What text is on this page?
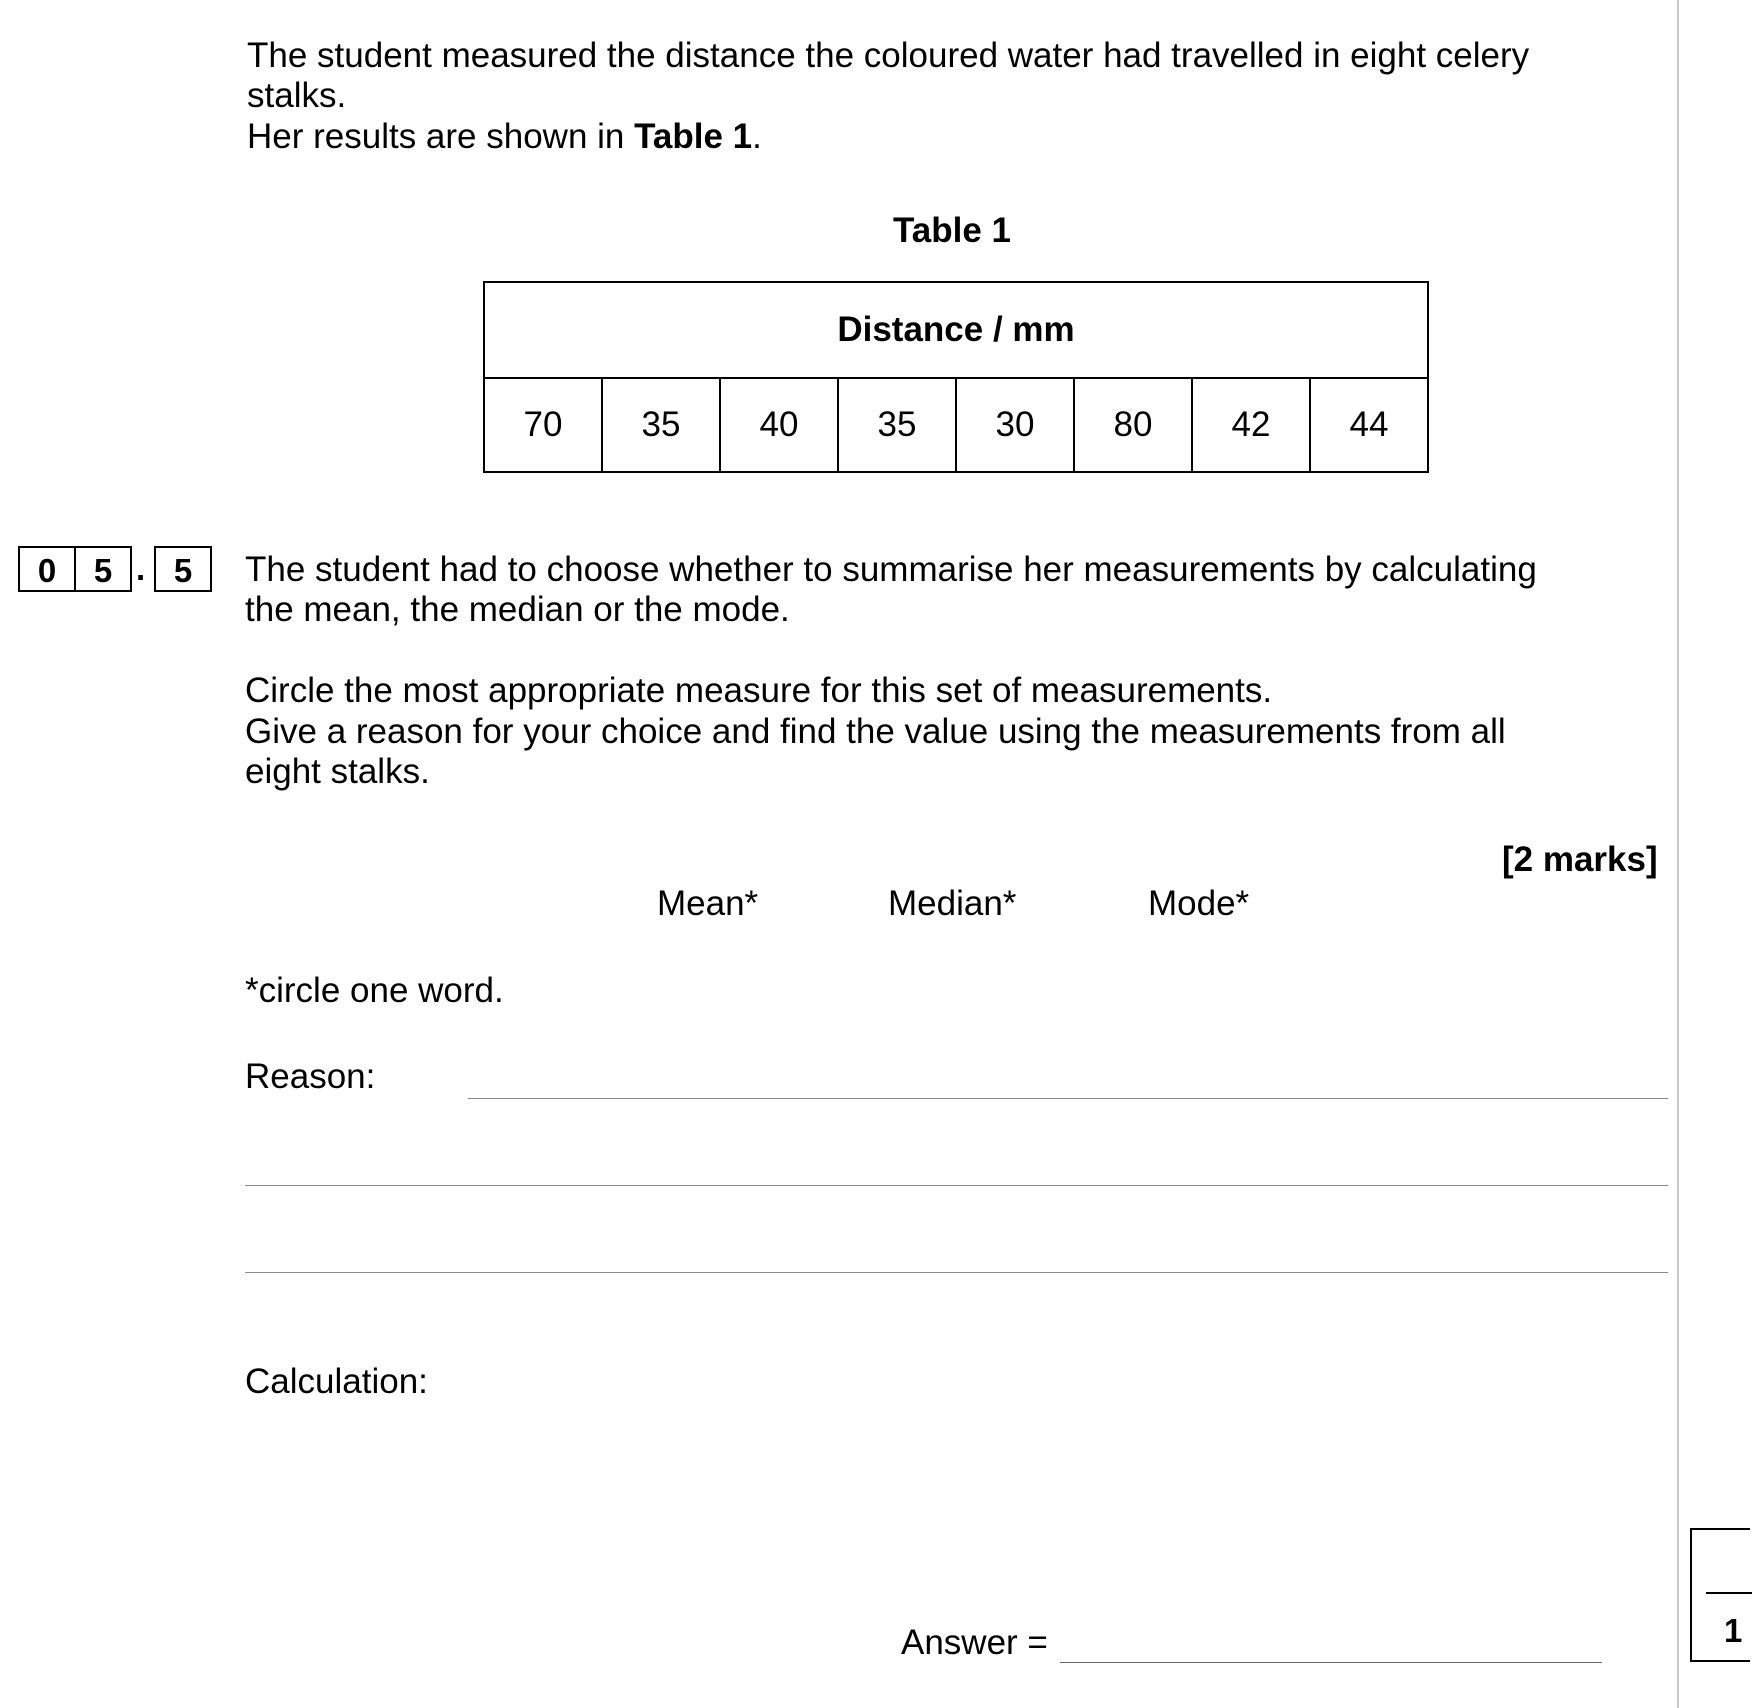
The student measured the distance the coloured water had travelled in eight celery
stalks.
Her results are shown in Table 1.
Table 1
Distance / mm
70	35	40	35	30	80	42	44
0	5 . 5	The student had to choose whether to summarise her measurements by calculating
the mean, the median or the mode.
Circle the most appropriate measure for this set of measurements.
Give a reason for your choice and find the value using the measurements from all
eight stalks.
[2 marks]
Mean*	Median*	Mode*
*circle one word.
Reason:
Calculation:
Answer =	1
